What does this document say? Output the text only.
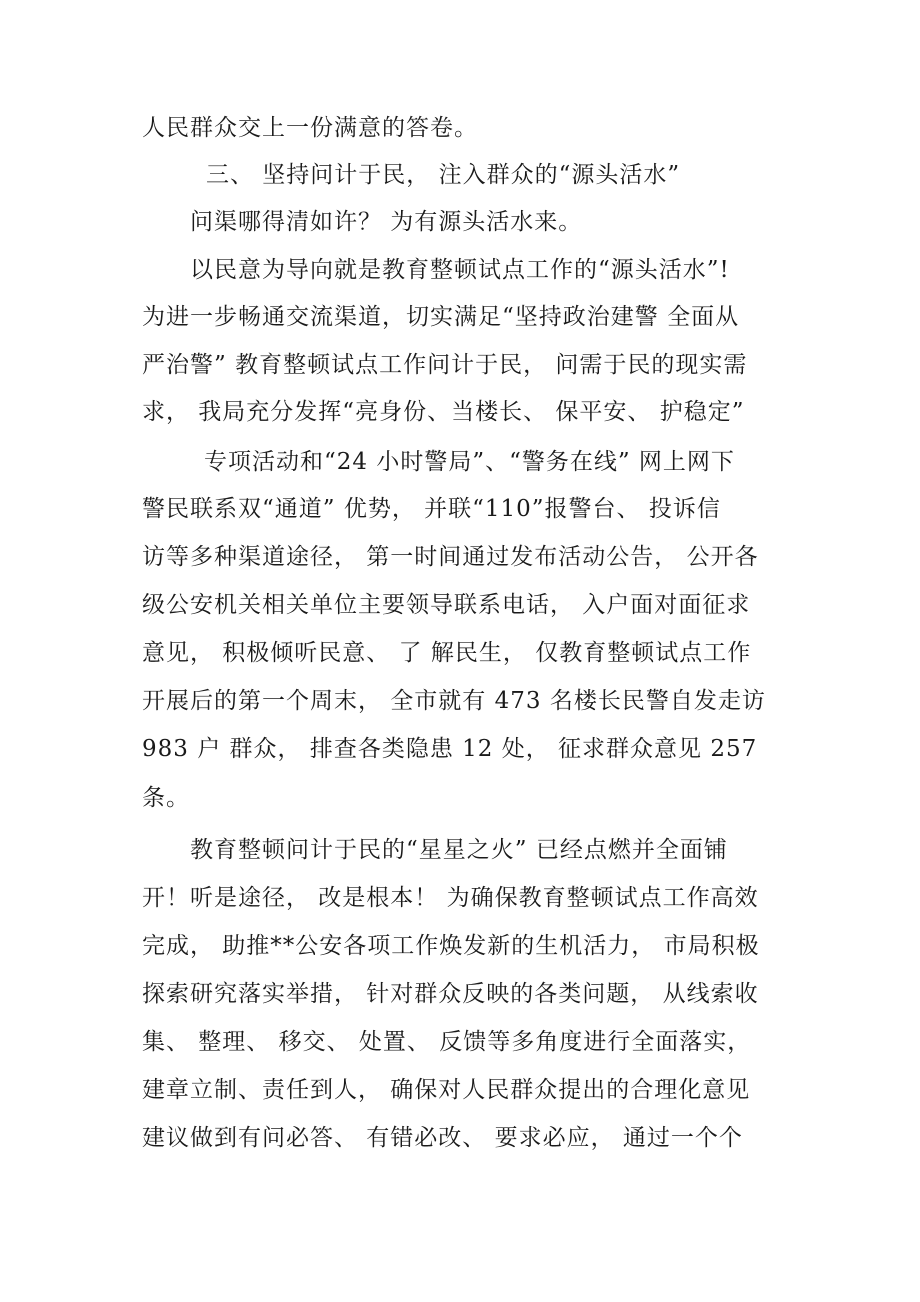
人民群众交上一份满意的答卷。
三、 坚持问计于民， 注入群众的“源头活水”
问渠哪得清如许？ 为有源头活水来。
以民意为导向就是教育整顿试点工作的“源头活水”!
为进一步畅通交流渠道，切实满足“坚持政治建警 全面从
严治警” 教育整顿试点工作问计于民， 问需于民的现实需
求， 我局充分发挥“亮身份、当楼长、 保平安、 护稳定”
专项活动和“24 小时警局”、“警务在线” 网上网下
警民联系双“通道” 优势， 并联“110”报警台、 投诉信
访等多种渠道途径， 第一时间通过发布活动公告， 公开各
级公安机关相关单位主要领导联系电话， 入户面对面征求
意见， 积极倾听民意、 了 解民生， 仅教育整顿试点工作
开展后的第一个周末， 全市就有 473 名楼长民警自发走访
983 户 群众， 排查各类隐患 12 处， 征求群众意见 257
条。
教育整顿问计于民的“星星之火” 已经点燃并全面铺
开！听是途径， 改是根本！ 为确保教育整顿试点工作高效
完成， 助推**公安各项工作焕发新的生机活力， 市局积极
探索研究落实举措， 针对群众反映的各类问题， 从线索收
集、 整理、 移交、 处置、 反馈等多角度进行全面落实，
建章立制、责任到人， 确保对人民群众提出的合理化意见
建议做到有问必答、 有错必改、 要求必应， 通过一个个
